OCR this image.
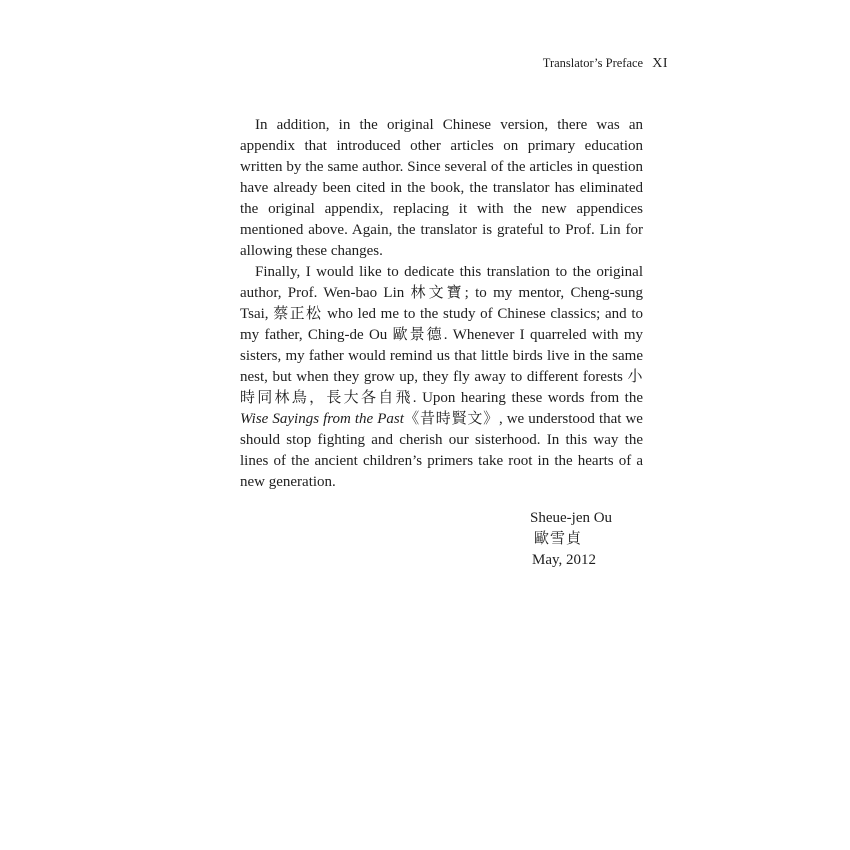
Translator’s Preface XI

In addition, in the original Chinese version, there was an appendix that introduced other articles on primary education written by the same author. Since several of the articles in question have already been cited in the book, the translator has eliminated the original appendix, replacing it with the new appendices mentioned above. Again, the translator is grateful to Prof. Lin for allowing these changes.

Finally, I would like to dedicate this translation to the original author, Prof. Wen-bao Lin 林文寶; to my mentor, Cheng-sung Tsai, 蔡正松 who led me to the study of Chinese classics; and to my father, Ching-de Ou 歐景德. Whenever I quarreled with my sisters, my father would remind us that little birds live in the same nest, but when they grow up, they fly away to different forests 小時同林鳥，長大各自飛. Upon hearing these words from the Wise Sayings from the Past《昔時賢文》, we understood that we should stop fighting and cherish our sisterhood. In this way the lines of the ancient children’s primers take root in the hearts of a new generation.

Sheue-jen Ou
歐雪貞
May, 2012
